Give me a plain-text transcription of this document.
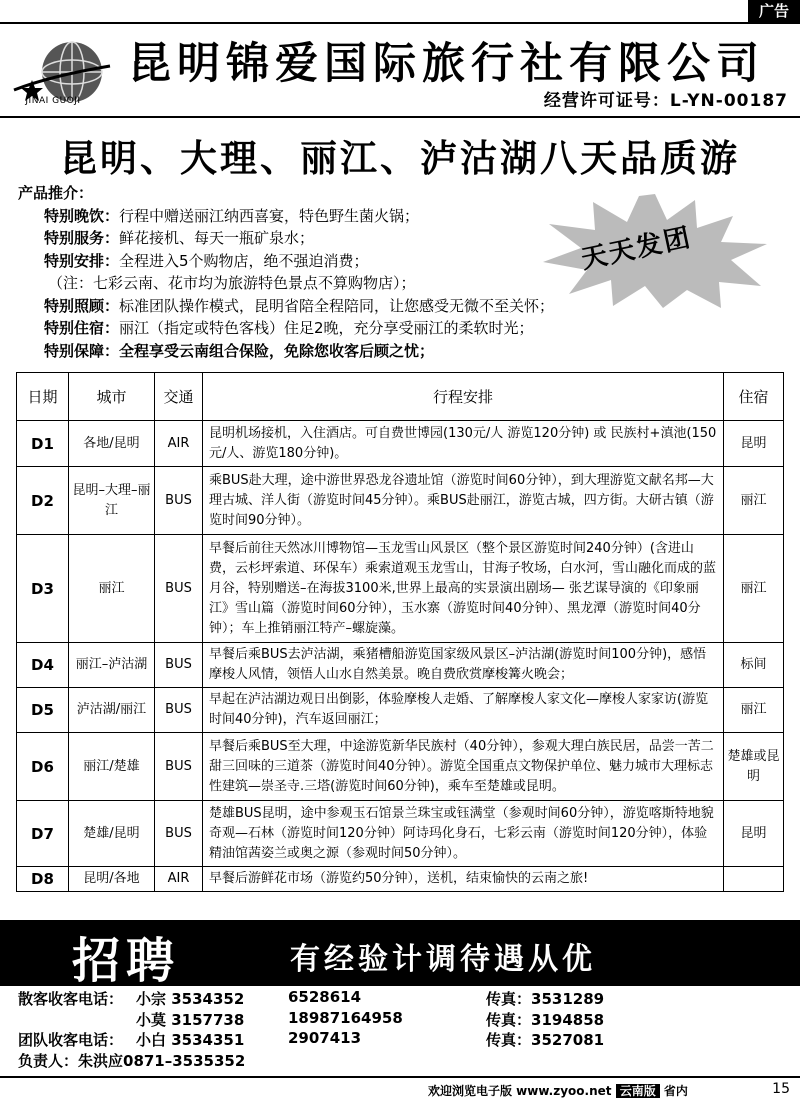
广告
JINAI GUOJI
昆明锦爱国际旅行社有限公司
经营许可证号：L-YN-00187
昆明、大理、丽江、泸沽湖八天品质游
产品推介：
特别晚饮：行程中赠送丽江纳西喜宴，特色野生菌火锅；
特别服务：鲜花接机、每天一瓶矿泉水；
特别安排：全程进入5个购物店，绝不强迫消费；
（注：七彩云南、花市均为旅游特色景点不算购物店）；
特别照顾：标准团队操作模式，昆明省陪全程陪同，让您感受无微不至关怀；
特别住宿：丽江（指定或特色客栈）住足2晚，充分享受丽江的柔软时光；
特别保障：全程享受云南组合保险，免除您收客后顾之忧；
天天发团
日期	城市	交通	行程安排	住宿
D1	各地/昆明	AIR	昆明机场接机，入住酒店。可自费世博园(130元/人 游览120分钟) 或 民族村+滇池(150元/人、游览180分钟)。	昆明
D2	昆明–大理–丽江	BUS	乘BUS赴大理，途中游世界恐龙谷遗址馆（游览时间60分钟），到大理游览文献名邦—大理古城、洋人街（游览时间45分钟）。乘BUS赴丽江，游览古城，四方街。大研古镇（游览时间90分钟）。	丽江
D3	丽江	BUS	早餐后前往天然冰川博物馆—玉龙雪山风景区（整个景区游览时间240分钟）(含进山费，云杉坪索道、环保车）乘索道观玉龙雪山，甘海子牧场，白水河，雪山融化而成的蓝月谷，特别赠送–在海拔3100米,世界上最高的实景演出剧场— 张艺谋导演的《印象丽江》雪山篇（游览时间60分钟），玉水寨（游览时间40分钟）、黑龙潭（游览时间40分钟）；车上推销丽江特产–螺旋藻。	丽江
D4	丽江–泸沽湖	BUS	早餐后乘BUS去泸沽湖，乘猪槽船游览国家级风景区–泸沽湖(游览时间100分钟)，感悟摩梭人风情，领悟人山水自然美景。晚自费欣赏摩梭篝火晚会；	标间
D5	泸沽湖/丽江	BUS	早起在泸沽湖边观日出倒影，体验摩梭人走婚、了解摩梭人家文化—摩梭人家家访(游览时间40分钟)，汽车返回丽江；	丽江
D6	丽江/楚雄	BUS	早餐后乘BUS至大理，中途游览新华民族村（40分钟），参观大理白族民居，品尝一苦二甜三回味的三道茶（游览时间40分钟）。游览全国重点文物保护单位、魅力城市大理标志性建筑—崇圣寺.三塔(游览时间60分钟)，乘车至楚雄或昆明。	楚雄或昆明
D7	楚雄/昆明	BUS	楚雄BUS昆明，途中参观玉石馆景兰珠宝或钰满堂（参观时间60分钟），游览喀斯特地貌奇观—石林（游览时间120分钟）阿诗玛化身石，七彩云南（游览时间120分钟），体验精油馆茜姿兰或奥之源（参观时间50分钟）。	昆明
D8	昆明/各地	AIR	早餐后游鲜花市场（游览约50分钟），送机，结束愉快的云南之旅!	
招聘	有经验计调待遇从优
散客收客电话： 小宗 3534352	6528614	传真：3531289
小莫 3157738	18987164958	传真：3194858
团队收客电话： 小白 3534351	2907413	传真：3527081
负责人：朱洪应0871–3535352
欢迎浏览电子版 www.zyoo.net 云南版 省内	15
